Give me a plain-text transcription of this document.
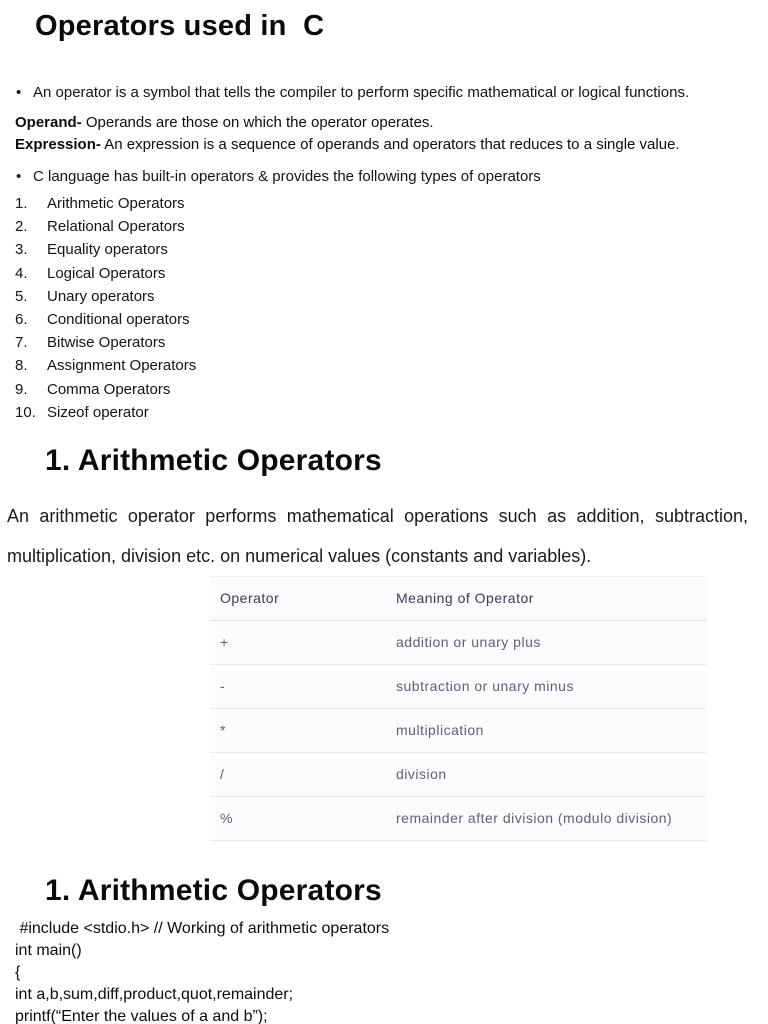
Operators used in  C
• An operator is a symbol that tells the compiler to perform specific mathematical or logical functions.
Operand- Operands are those on which the operator operates.
Expression- An expression is a sequence of operands and operators that reduces to a single value.
• C language has built-in operators & provides the following types of operators
1. Arithmetic Operators
2. Relational Operators
3. Equality operators
4. Logical Operators
5. Unary operators
6. Conditional operators
7. Bitwise Operators
8. Assignment Operators
9. Comma Operators
10. Sizeof operator
1. Arithmetic Operators
Operator	Meaning of Operator
+	addition or unary plus
-	subtraction or unary minus
*	multiplication
/	division
%	remainder after division (modulo division)
An arithmetic operator performs mathematical operations such as addition, subtraction, multiplication, division etc. on numerical values (constants and variables).
1. Arithmetic Operators
#include <stdio.h> // Working of arithmetic operators
int main()
{
int a,b,sum,diff,product,quot,remainder;
printf(“Enter the values of a and b”);
